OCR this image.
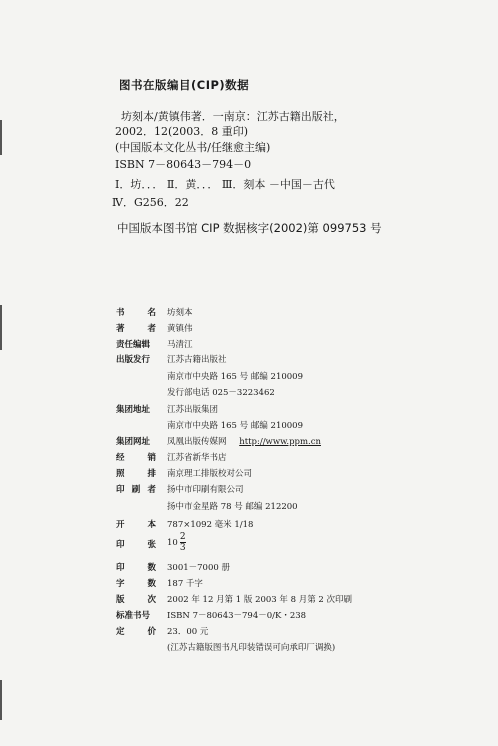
图书在版编目(CIP)数据
坊刻本/黄镇伟著．一南京：江苏古籍出版社，
2002．12(2003．8 重印)
(中国版本文化丛书/任继愈主编)
ISBN 7－80643－794－0
Ⅰ．坊．．． Ⅱ．黄．．． Ⅲ．刻本 －中国－古代
Ⅳ．G256．22
中国版本图书馆 CIP 数据核字(2002)第 099753 号
书	名 坊刻本
著	者 黄镇伟
责任编辑	马清江
出版发行	江苏古籍出版社
南京市中央路 165 号 邮编 210009
发行部电话 025－3223462
集团地址	江苏出版集团
南京市中央路 165 号 邮编 210009
集团网址	凤凰出版传媒网 http://www.ppm.cn
经	销 江苏省新华书店
照	排 南京理工排版校对公司
印 刷 者 扬中市印刷有限公司
扬中市金星路 78 号 邮编 212200
开	本 787×1092 毫米 1/18
印	张 $10 \frac{2}{3}$
印	数 3001－7000 册
字	数 187 千字
版	次 2002 年 12 月第 1 版 2003 年 8 月第 2 次印刷
标准书号	ISBN 7－80643－794－0/K・238
定	价 23．00 元
(江苏古籍版图书凡印装错误可向承印厂调换)
